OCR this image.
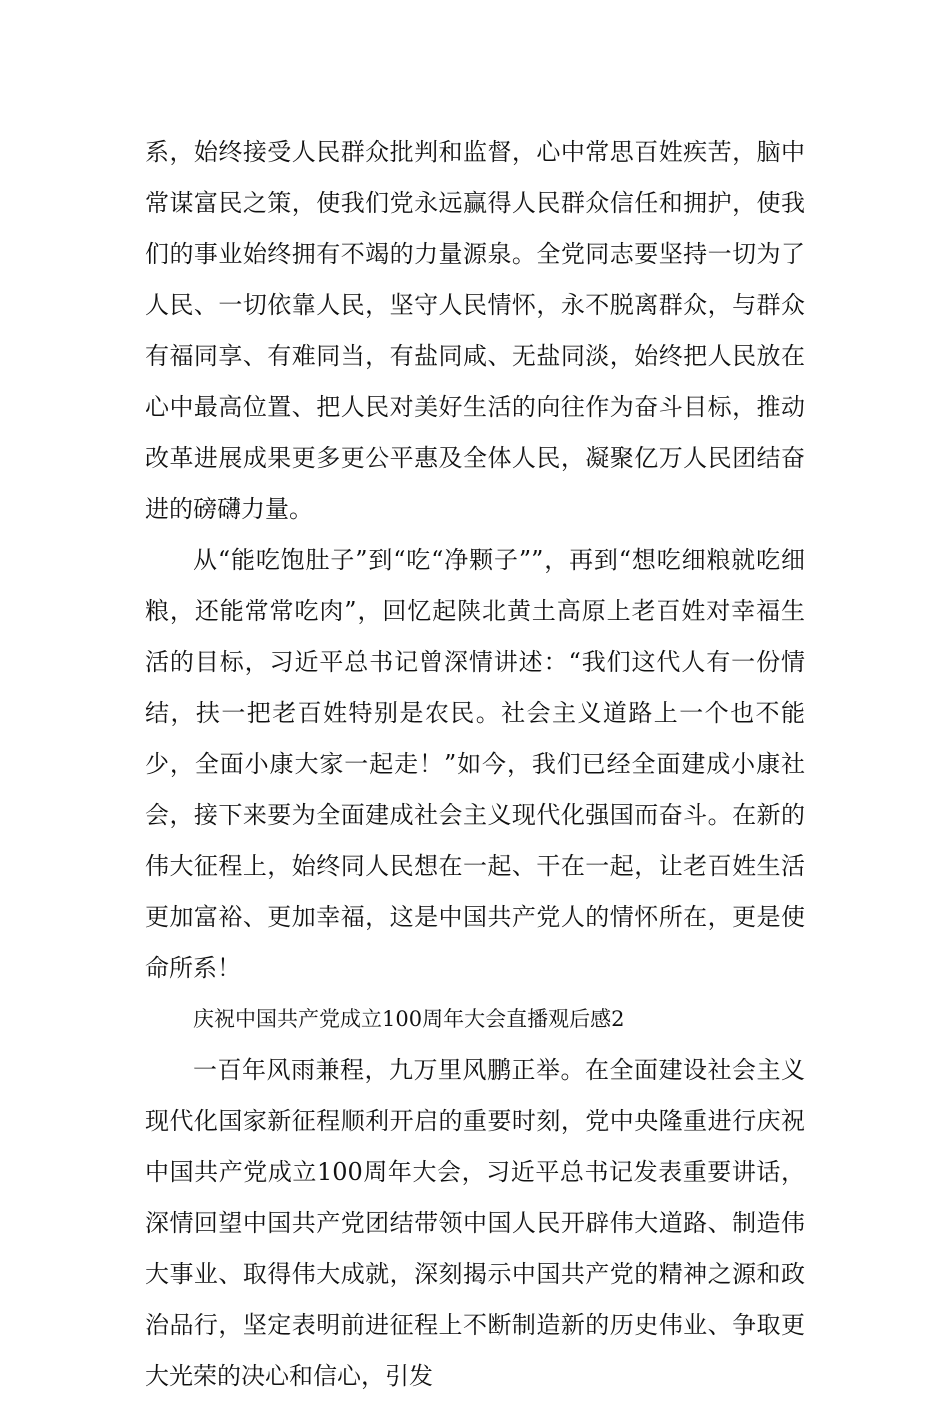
系，始终接受人民群众批判和监督，心中常思百姓疾苦，脑中常谋富民之策，使我们党永远赢得人民群众信任和拥护，使我们的事业始终拥有不竭的力量源泉。全党同志要坚持一切为了人民、一切依靠人民，坚守人民情怀，永不脱离群众，与群众有福同享、有难同当，有盐同咸、无盐同淡，始终把人民放在心中最高位置、把人民对美好生活的向往作为奋斗目标，推动改革进展成果更多更公平惠及全体人民，凝聚亿万人民团结奋进的磅礴力量。

从“能吃饱肚子”到“吃“净颗子””，再到“想吃细粮就吃细粮，还能常常吃肉”，回忆起陕北黄土高原上老百姓对幸福生活的目标，习近平总书记曾深情讲述：“我们这代人有一份情结，扶一把老百姓特别是农民。社会主义道路上一个也不能少，全面小康大家一起走！”如今，我们已经全面建成小康社会，接下来要为全面建成社会主义现代化强国而奋斗。在新的伟大征程上，始终同人民想在一起、干在一起，让老百姓生活更加富裕、更加幸福，这是中国共产党人的情怀所在，更是使命所系！

庆祝中国共产党成立100周年大会直播观后感2

一百年风雨兼程，九万里风鹏正举。在全面建设社会主义现代化国家新征程顺利开启的重要时刻，党中央隆重进行庆祝中国共产党成立100周年大会，习近平总书记发表重要讲话，深情回望中国共产党团结带领中国人民开辟伟大道路、制造伟大事业、取得伟大成就，深刻揭示中国共产党的精神之源和政治品行，坚定表明前进征程上不断制造新的历史伟业、争取更大光荣的决心和信心，引发
